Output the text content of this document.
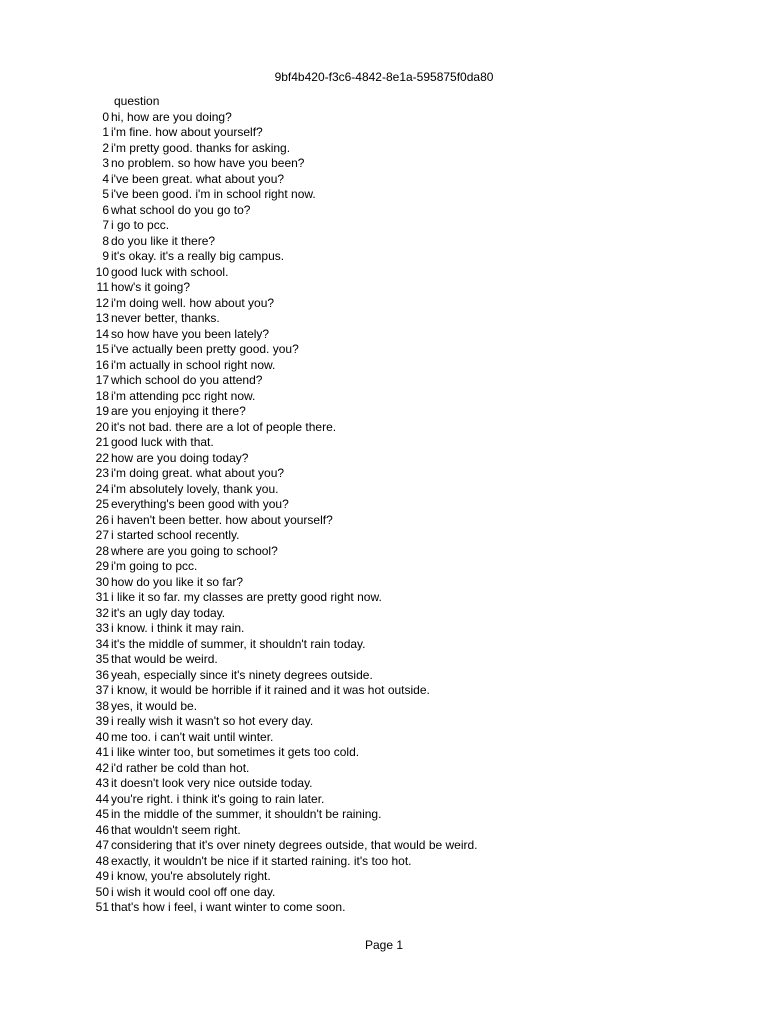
9bf4b420-f3c6-4842-8e1a-595875f0da80
question
0 hi, how are you doing?
1 i'm fine. how about yourself?
2 i'm pretty good. thanks for asking.
3 no problem. so how have you been?
4 i've been great. what about you?
5 i've been good. i'm in school right now.
6 what school do you go to?
7 i go to pcc.
8 do you like it there?
9 it's okay. it's a really big campus.
10 good luck with school.
11 how's it going?
12 i'm doing well. how about you?
13 never better, thanks.
14 so how have you been lately?
15 i've actually been pretty good. you?
16 i'm actually in school right now.
17 which school do you attend?
18 i'm attending pcc right now.
19 are you enjoying it there?
20 it's not bad. there are a lot of people there.
21 good luck with that.
22 how are you doing today?
23 i'm doing great. what about you?
24 i'm absolutely lovely, thank you.
25 everything's been good with you?
26 i haven't been better. how about yourself?
27 i started school recently.
28 where are you going to school?
29 i'm going to pcc.
30 how do you like it so far?
31 i like it so far. my classes are pretty good right now.
32 it's an ugly day today.
33 i know. i think it may rain.
34 it's the middle of summer, it shouldn't rain today.
35 that would be weird.
36 yeah, especially since it's ninety degrees outside.
37 i know, it would be horrible if it rained and it was hot outside.
38 yes, it would be.
39 i really wish it wasn't so hot every day.
40 me too. i can't wait until winter.
41 i like winter too, but sometimes it gets too cold.
42 i'd rather be cold than hot.
43 it doesn't look very nice outside today.
44 you're right. i think it's going to rain later.
45 in the middle of the summer, it shouldn't be raining.
46 that wouldn't seem right.
47 considering that it's over ninety degrees outside, that would be weird.
48 exactly, it wouldn't be nice if it started raining. it's too hot.
49 i know, you're absolutely right.
50 i wish it would cool off one day.
51 that's how i feel, i want winter to come soon.
Page 1
